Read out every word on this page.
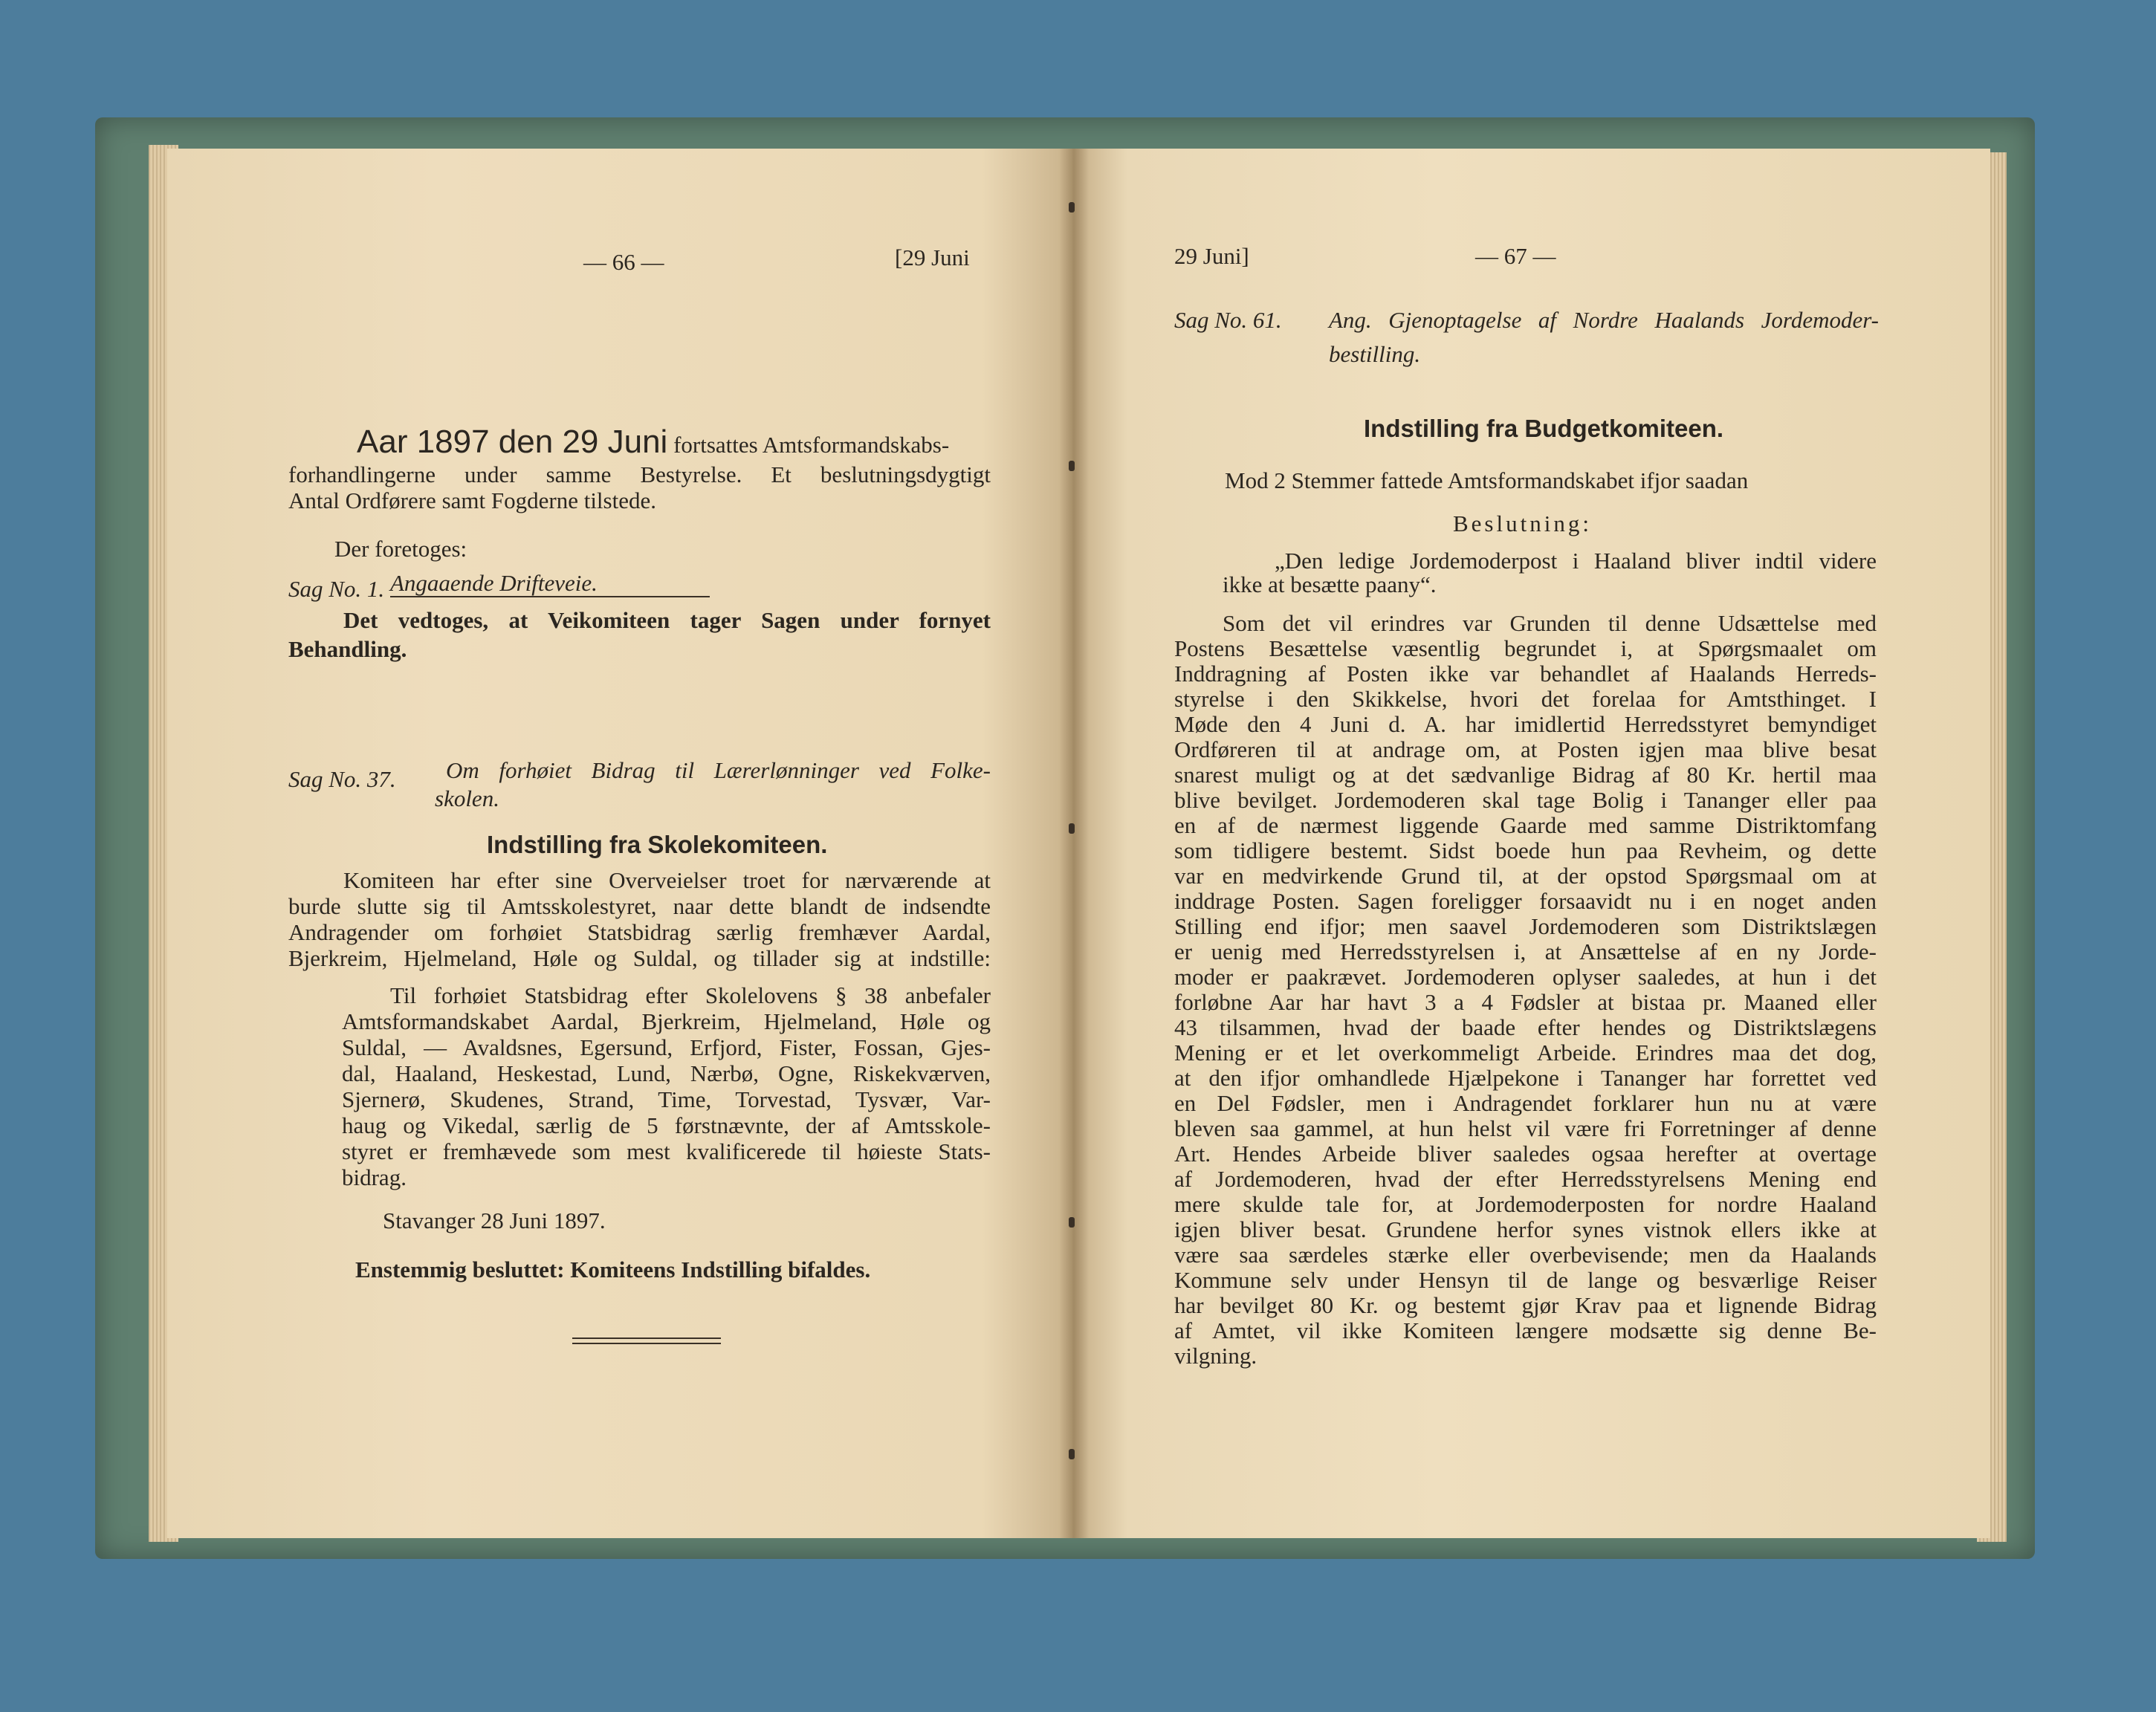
— 66 —	[29 Juni
Aar 1897 den 29 Juni fortsattes Amtsformandskabs-
forhandlingerne under samme Bestyrelse. Et beslutningsdygtigt
Antal Ordførere samt Fogderne tilstede.
Der foretoges:
Sag No. 1. Angaaende Drifteveie.
Det vedtoges, at Veikomiteen tager Sagen under fornyet
Behandling.
Sag No. 37. Om forhøiet Bidrag til Lærerlønninger ved Folke-
skolen.
Indstilling fra Skolekomiteen.
Komiteen har efter sine Overveielser troet for nærværende at
burde slutte sig til Amtsskolestyret, naar dette blandt de indsendte
Andragender om forhøiet Statsbidrag særlig fremhæver Aardal,
Bjerkreim, Hjelmeland, Høle og Suldal, og tillader sig at indstille:
Til forhøiet Statsbidrag efter Skolelovens § 38 anbefaler
Amtsformandskabet Aardal, Bjerkreim, Hjelmeland, Høle og
Suldal, — Avaldsnes, Egersund, Erfjord, Fister, Fossan, Gjes-
dal, Haaland, Heskestad, Lund, Nærbø, Ogne, Riskekværven,
Sjernerø, Skudenes, Strand, Time, Torvestad, Tysvær, Var-
haug og Vikedal, særlig de 5 førstnævnte, der af Amtsskole-
styret er fremhævede som mest kvalificerede til høieste Stats-
bidrag.
Stavanger 28 Juni 1897.
Enstemmig besluttet: Komiteens Indstilling bifaldes.
29 Juni]	— 67 —
Sag No. 61. Ang. Gjenoptagelse af Nordre Haalands Jordemoder-
bestilling.
Indstilling fra Budgetkomiteen.
Mod 2 Stemmer fattede Amtsformandskabet ifjor saadan
Beslutning:
„Den ledige Jordemoderpost i Haaland bliver indtil videre
ikke at besætte paany“.
Som det vil erindres var Grunden til denne Udsættelse med
Postens Besættelse væsentlig begrundet i, at Spørgsmaalet om
Inddragning af Posten ikke var behandlet af Haalands Herreds-
styrelse i den Skikkelse, hvori det forelaa for Amtsthinget. I
Møde den 4 Juni d. A. har imidlertid Herredsstyret bemyndiget
Ordføreren til at andrage om, at Posten igjen maa blive besat
snarest muligt og at det sædvanlige Bidrag af 80 Kr. hertil maa
blive bevilget. Jordemoderen skal tage Bolig i Tananger eller paa
en af de nærmest liggende Gaarde med samme Distriktomfang
som tidligere bestemt. Sidst boede hun paa Revheim, og dette
var en medvirkende Grund til, at der opstod Spørgsmaal om at
inddrage Posten. Sagen foreligger forsaavidt nu i en noget anden
Stilling end ifjor; men saavel Jordemoderen som Distriktslægen
er uenig med Herredsstyrelsen i, at Ansættelse af en ny Jorde-
moder er paakrævet. Jordemoderen oplyser saaledes, at hun i det
forløbne Aar har havt 3 a 4 Fødsler at bistaa pr. Maaned eller
43 tilsammen, hvad der baade efter hendes og Distriktslægens
Mening er et let overkommeligt Arbeide. Erindres maa det dog,
at den ifjor omhandlede Hjælpekone i Tananger har forrettet ved
en Del Fødsler, men i Andragendet forklarer hun nu at være
bleven saa gammel, at hun helst vil være fri Forretninger af denne
Art. Hendes Arbeide bliver saaledes ogsaa herefter at overtage
af Jordemoderen, hvad der efter Herredsstyrelsens Mening end
mere skulde tale for, at Jordemoderposten for nordre Haaland
igjen bliver besat. Grundene herfor synes vistnok ellers ikke at
være saa særdeles stærke eller overbevisende; men da Haalands
Kommune selv under Hensyn til de lange og besværlige Reiser
har bevilget 80 Kr. og bestemt gjør Krav paa et lignende Bidrag
af Amtet, vil ikke Komiteen længere modsætte sig denne Be-
vilgning.
